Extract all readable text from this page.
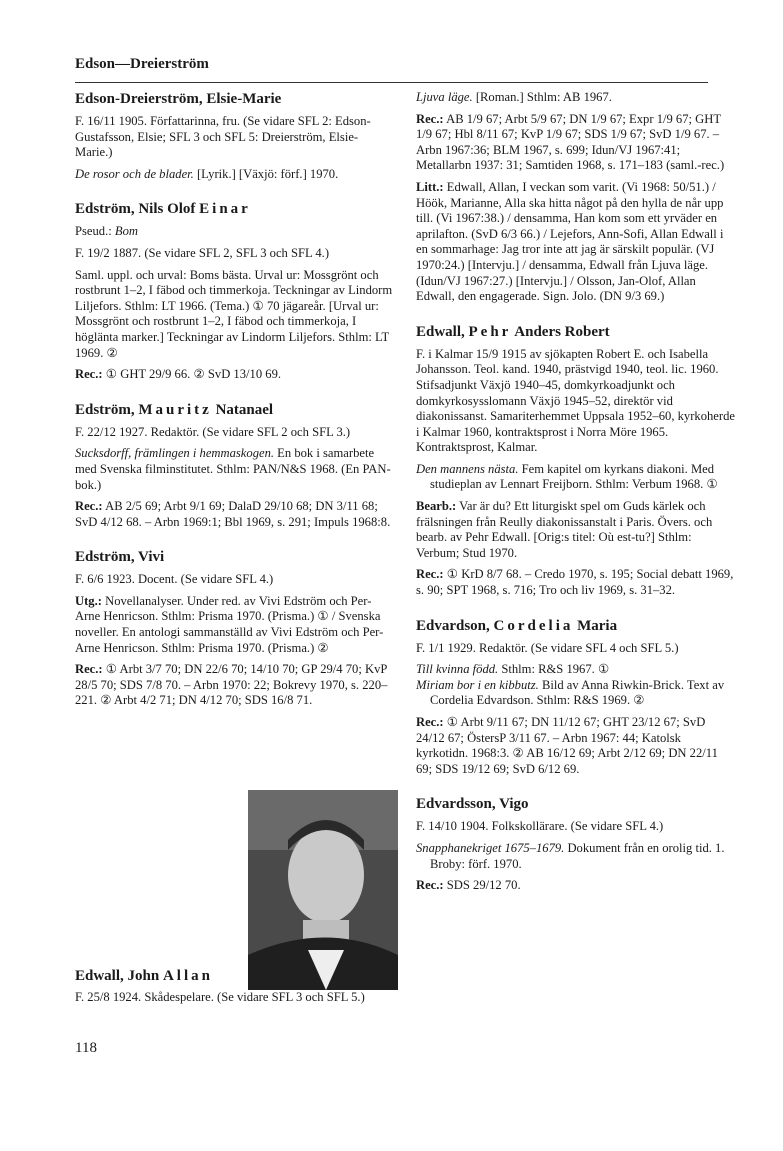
Edson—Dreierström
Edson-Dreierström, Elsie-Marie
F. 16/11 1905. Författarinna, fru. (Se vidare SFL 2: Edson-Gustafsson, Elsie; SFL 3 och SFL 5: Dreierström, Elsie-Marie.)
De rosor och de blader. [Lyrik.] [Växjö: förf.] 1970.
Edström, Nils Olof Einar
Pseud.: Bom
F. 19/2 1887. (Se vidare SFL 2, SFL 3 och SFL 4.)
Saml. uppl. och urval: Boms bästa. Urval ur: Mossgrönt och rostbrunt 1–2, I fäbod och timmerkoja. Teckningar av Lindorm Liljefors. Sthlm: LT 1966. (Tema.) ① 70 jägareår. [Urval ur: Mossgrönt och rostbrunt 1–2, I fäbod och timmerkoja, I höglänta marker.] Teckningar av Lindorm Liljefors. Sthlm: LT 1969. ②
Rec.: ① GHT 29/9 66. ② SvD 13/10 69.
Edström, Mauritz Natanael
F. 22/12 1927. Redaktör. (Se vidare SFL 2 och SFL 3.)
Sucksdorff, främlingen i hemmaskogen. En bok i samarbete med Svenska filminstitutet. Sthlm: PAN/N&S 1968. (En PAN-bok.)
Rec.: AB 2/5 69; Arbt 9/1 69; DalaD 29/10 68; DN 3/11 68; SvD 4/12 68. – Arbn 1969:1; Bbl 1969, s. 291; Impuls 1968:8.
Edström, Vivi
F. 6/6 1923. Docent. (Se vidare SFL 4.)
Utg.: Novellanalyser. Under red. av Vivi Edström och Per-Arne Henricson. Sthlm: Prisma 1970. (Prisma.) ① / Svenska noveller. En antologi sammanställd av Vivi Edström och Per-Arne Henricson. Sthlm: Prisma 1970. (Prisma.) ②
Rec.: ① Arbt 3/7 70; DN 22/6 70; 14/10 70; GP 29/4 70; KvP 28/5 70; SDS 7/8 70. – Arbn 1970: 22; Bokrevy 1970, s. 220–221. ② Arbt 4/2 71; DN 4/12 70; SDS 16/8 71.
Edwall, John Allan
F. 25/8 1924. Skådespelare. (Se vidare SFL 3 och SFL 5.)
118
Ljuva läge. [Roman.] Sthlm: AB 1967.
Rec.: AB 1/9 67; Arbt 5/9 67; DN 1/9 67; Expr 1/9 67; GHT 1/9 67; Hbl 8/11 67; KvP 1/9 67; SDS 1/9 67; SvD 1/9 67. – Arbn 1967:36; BLM 1967, s. 699; Idun/VJ 1967:41; Metallarbn 1937: 31; Samtiden 1968, s. 171–183 (saml.-rec.)
Litt.: Edwall, Allan, I veckan som varit. (Vi 1968: 50/51.) / Höök, Marianne, Alla ska hitta något på den hylla de når upp till. (Vi 1967:38.) / densamma, Han kom som ett yrväder en aprilafton. (SvD 6/3 66.) / Lejefors, Ann-Sofi, Allan Edwall i en sommarhage: Jag tror inte att jag är särskilt populär. (VJ 1970:24.) [Intervju.] / densamma, Edwall från Ljuva läge. (Idun/VJ 1967:27.) [Intervju.] / Olsson, Jan-Olof, Allan Edwall, den engagerade. Sign. Jolo. (DN 9/3 69.)
Edwall, Pehr Anders Robert
F. i Kalmar 15/9 1915 av sjökapten Robert E. och Isabella Johansson. Teol. kand. 1940, prästvigd 1940, teol. lic. 1960. Stifsadjunkt Växjö 1940–45, domkyrkoadjunkt och domkyrkosysslomann Växjö 1945–52, direktör vid diakonissanst. Samariterhemmet Uppsala 1952–60, kyrkoherde i Kalmar 1960, kontraktsprost i Norra Möre 1965. Kontraktsprost, Kalmar.
Den mannens nästa. Fem kapitel om kyrkans diakoni. Med studieplan av Lennart Freijborn. Sthlm: Verbum 1968. ①
Bearb.: Var är du? Ett liturgiskt spel om Guds kärlek och frälsningen från Reully diakonissanstalt i Paris. Övers. och bearb. av Pehr Edwall. [Orig:s titel: Où est-tu?] Sthlm: Verbum; Stud 1970.
Rec.: ① KrD 8/7 68. – Credo 1970, s. 195; Social debatt 1969, s. 90; SPT 1968, s. 716; Tro och liv 1969, s. 31–32.
Edvardson, Cordelia Maria
F. 1/1 1929. Redaktör. (Se vidare SFL 4 och SFL 5.)
Till kvinna född. Sthlm: R&S 1967. ①
Miriam bor i en kibbutz. Bild av Anna Riwkin-Brick. Text av Cordelia Edvardson. Sthlm: R&S 1969. ②
Rec.: ① Arbt 9/11 67; DN 11/12 67; GHT 23/12 67; SvD 24/12 67; ÖstersP 3/11 67. – Arbn 1967: 44; Katolsk kyrkotidn. 1968:3. ② AB 16/12 69; Arbt 2/12 69; DN 22/11 69; SDS 19/12 69; SvD 6/12 69.
Edvardsson, Vigo
F. 14/10 1904. Folkskollärare. (Se vidare SFL 4.)
Snapphanekriget 1675–1679. Dokument från en orolig tid. 1. Broby: förf. 1970.
Rec.: SDS 29/12 70.
